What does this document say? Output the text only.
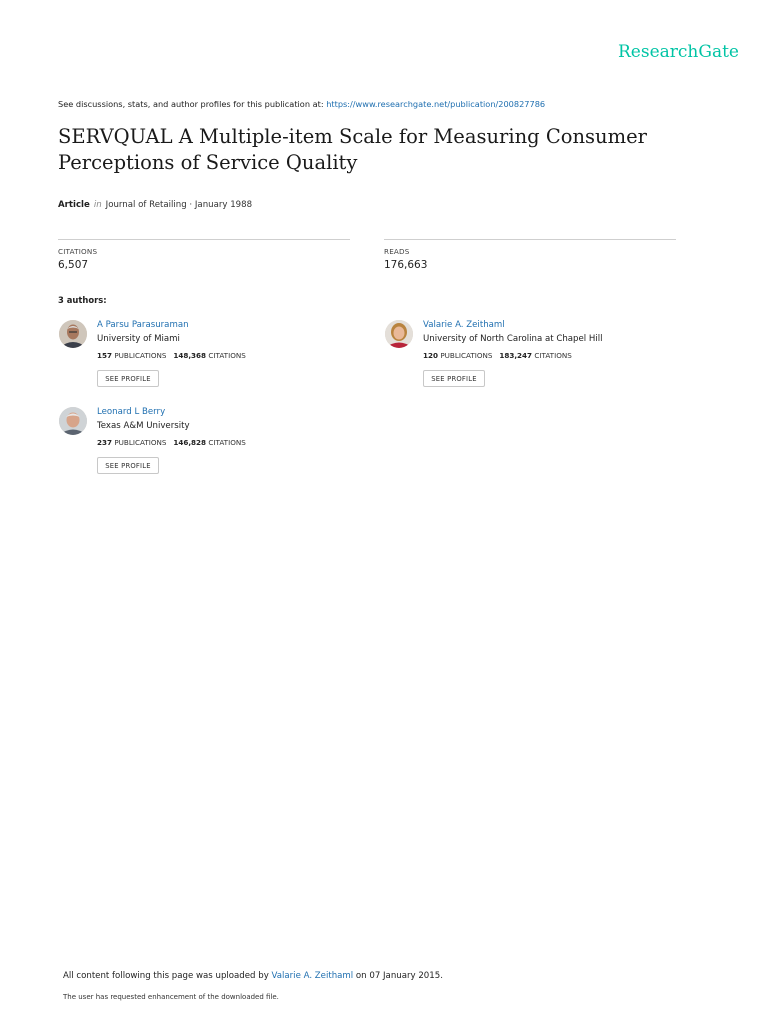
ResearchGate
See discussions, stats, and author profiles for this publication at: https://www.researchgate.net/publication/200827786
SERVQUAL A Multiple-item Scale for Measuring Consumer
Perceptions of Service Quality
Article in Journal of Retailing · January 1988
CITATIONS
6,507
READS
176,663
3 authors:
A Parsu Parasuraman
University of Miami
157 PUBLICATIONS 148,368 CITATIONS
SEE PROFILE
Valarie A. Zeithaml
University of North Carolina at Chapel Hill
120 PUBLICATIONS 183,247 CITATIONS
SEE PROFILE
Leonard L Berry
Texas A&M University
237 PUBLICATIONS 146,828 CITATIONS
SEE PROFILE
All content following this page was uploaded by Valarie A. Zeithaml on 07 January 2015.
The user has requested enhancement of the downloaded file.
